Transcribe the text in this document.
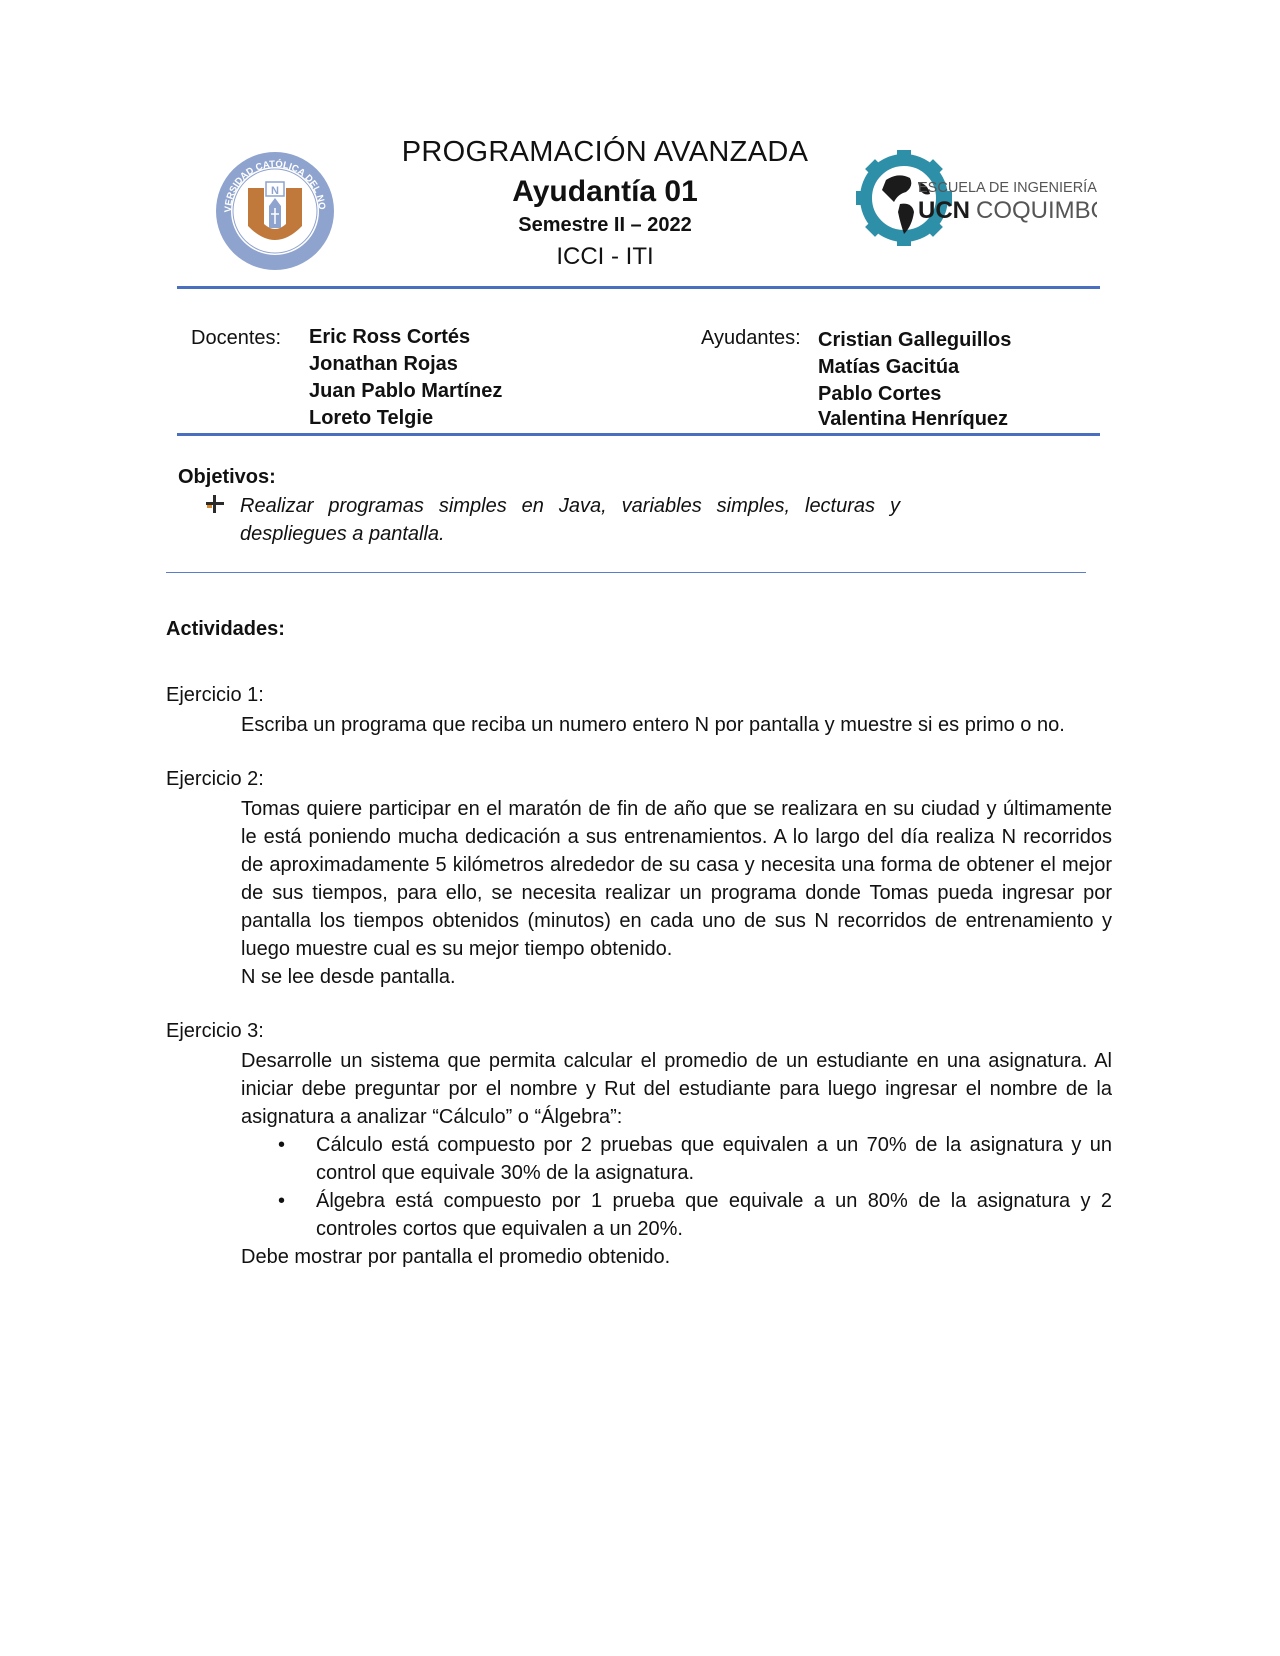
VERSIDAD CATÓLICA DEL NO
CHILE
N
PROGRAMACIÓN AVANZADA
Ayudantía 01
Semestre II – 2022
ICCI - ITI
ESCUELA DE INGENIERÍA
UCN COQUIMBO
Docentes: Eric Ross Cortés
Jonathan Rojas
Juan Pablo Martínez
Loreto Telgie
Ayudantes: Cristian Galleguillos
Matías Gacitúa
Pablo Cortes
Valentina Henríquez
Objetivos:
Realizar programas simples en Java, variables simples, lecturas y despliegues a pantalla.
Actividades:
Ejercicio 1:
Escriba un programa que reciba un numero entero N por pantalla y muestre si es primo o no.
Ejercicio 2:

Tomas quiere participar en el maratón de fin de año que se realizara en su ciudad y últimamente le está poniendo mucha dedicación a sus entrenamientos. A lo largo del día realiza N recorridos de aproximadamente 5 kilómetros alrededor de su casa y necesita una forma de obtener el mejor de sus tiempos, para ello, se necesita realizar un programa donde Tomas pueda ingresar por pantalla los tiempos obtenidos (minutos) en cada uno de sus N recorridos de entrenamiento y luego muestre cual es su mejor tiempo obtenido.

N se lee desde pantalla.

Ejercicio 3:

Desarrolle un sistema que permita calcular el promedio de un estudiante en una asignatura. Al iniciar debe preguntar por el nombre y Rut del estudiante para luego ingresar el nombre de la asignatura a analizar “Cálculo” o “Álgebra”:

• Cálculo está compuesto por 2 pruebas que equivalen a un 70% de la asignatura y un control que equivale 30% de la asignatura.
• Álgebra está compuesto por 1 prueba que equivale a un 80% de la asignatura y 2 controles cortos que equivalen a un 20%.

Debe mostrar por pantalla el promedio obtenido.
